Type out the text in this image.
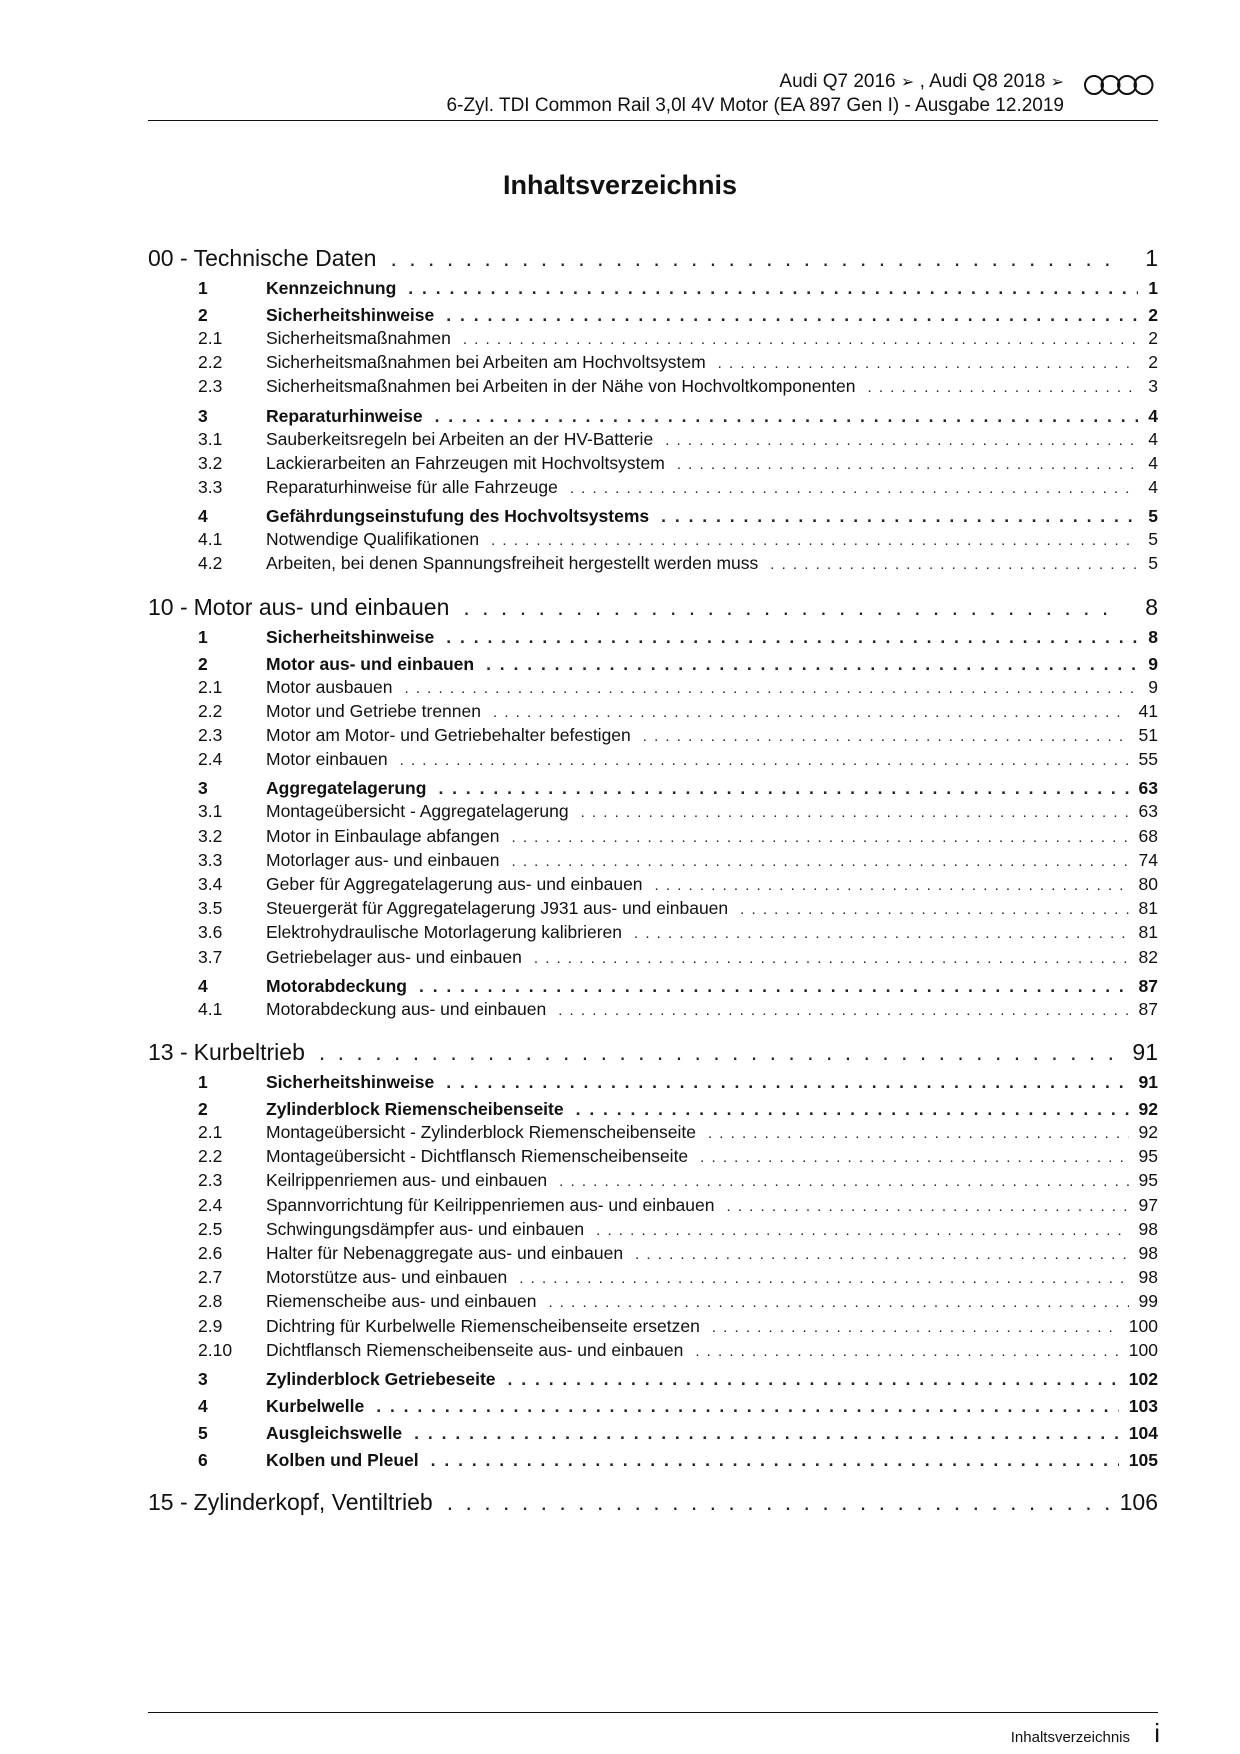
Audi Q7 2016 ➢ , Audi Q8 2018 ➢
6-Zyl. TDI Common Rail 3,0l 4V Motor (EA 897 Gen I) - Ausgabe 12.2019
Inhaltsverzeichnis
00 - Technische Daten . . .	1
1	Kennzeichnung . . .	1
2	Sicherheitshinweise . . .	2
2.1	Sicherheitsmaßnahmen . . .	2
2.2	Sicherheitsmaßnahmen bei Arbeiten am Hochvoltsystem . . .	2
2.3	Sicherheitsmaßnahmen bei Arbeiten in der Nähe von Hochvoltkomponenten . . .	3
3	Reparaturhinweise . . .	4
3.1	Sauberkeitsregeln bei Arbeiten an der HV-Batterie . . .	4
3.2	Lackierarbeiten an Fahrzeugen mit Hochvoltsystem . . .	4
3.3	Reparaturhinweise für alle Fahrzeuge . . .	4
4	Gefährdungseinstufung des Hochvoltsystems . . .	5
4.1	Notwendige Qualifikationen . . .	5
4.2	Arbeiten, bei denen Spannungsfreiheit hergestellt werden muss . . .	5
10 - Motor aus- und einbauen . . .	8
1	Sicherheitshinweise . . .	8
2	Motor aus- und einbauen . . .	9
2.1	Motor ausbauen . . .	9
2.2	Motor und Getriebe trennen . . .	41
2.3	Motor am Motor- und Getriebehalter befestigen . . .	51
2.4	Motor einbauen . . .	55
3	Aggregatelagerung . . .	63
3.1	Montageübersicht - Aggregatelagerung . . .	63
3.2	Motor in Einbaulage abfangen . . .	68
3.3	Motorlager aus- und einbauen . . .	74
3.4	Geber für Aggregatelagerung aus- und einbauen . . .	80
3.5	Steuergerät für Aggregatelagerung J931 aus- und einbauen . . .	81
3.6	Elektrohydraulische Motorlagerung kalibrieren . . .	81
3.7	Getriebelager aus- und einbauen . . .	82
4	Motorabdeckung . . .	87
4.1	Motorabdeckung aus- und einbauen . . .	87
13 - Kurbeltrieb . . .	91
1	Sicherheitshinweise . . .	91
2	Zylinderblock Riemenscheibenseite . . .	92
2.1	Montageübersicht - Zylinderblock Riemenscheibenseite . . .	92
2.2	Montageübersicht - Dichtflansch Riemenscheibenseite . . .	95
2.3	Keilrippenriemen aus- und einbauen . . .	95
2.4	Spannvorrichtung für Keilrippenriemen aus- und einbauen . . .	97
2.5	Schwingungsdämpfer aus- und einbauen . . .	98
2.6	Halter für Nebenaggregate aus- und einbauen . . .	98
2.7	Motorstütze aus- und einbauen . . .	98
2.8	Riemenscheibe aus- und einbauen . . .	99
2.9	Dichtring für Kurbelwelle Riemenscheibenseite ersetzen . . .	100
2.10	Dichtflansch Riemenscheibenseite aus- und einbauen . . .	100
3	Zylinderblock Getriebeseite . . .	102
4	Kurbelwelle . . .	103
5	Ausgleichswelle . . .	104
6	Kolben und Pleuel . . .	105
15 - Zylinderkopf, Ventiltrieb . . .	106
Inhaltsverzeichnis i
